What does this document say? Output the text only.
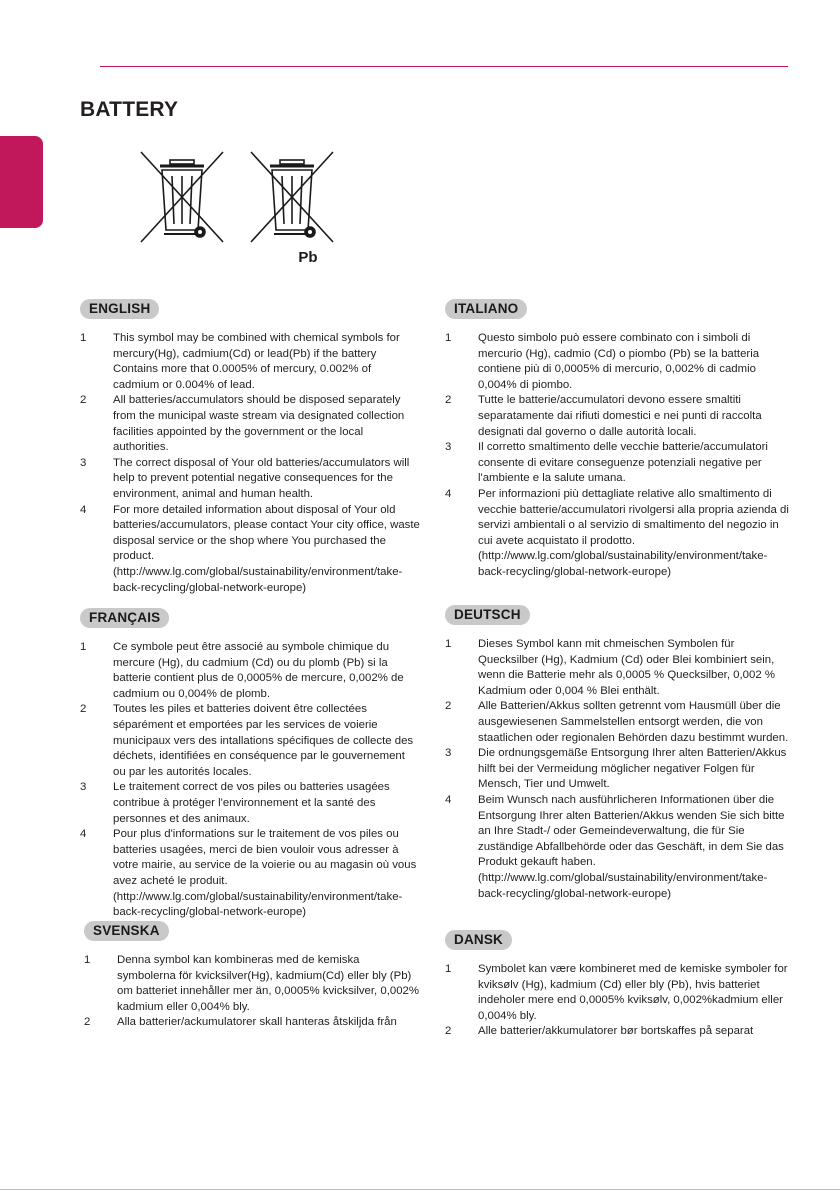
BATTERY
Pb
ENGLISH
1	This symbol may be combined with chemical symbols for mercury(Hg), cadmium(Cd) or lead(Pb) if the battery Contains more that 0.0005% of mercury, 0.002% of cadmium or 0.004% of lead.
2	All batteries/accumulators should be disposed separately from the municipal waste stream via designated collection facilities appointed by the government or the local authorities.
3	The correct disposal of Your old batteries/accumulators will help to prevent potential negative consequences for the environment, animal and human health.
4	For more detailed information about disposal of Your old batteries/accumulators, please contact Your city office, waste disposal service or the shop where You purchased the product. (http://www.lg.com/global/sustainability/environment/take-back-recycling/global-network-europe)
ITALIANO
1	Questo simbolo può essere combinato con i simboli di mercurio (Hg), cadmio (Cd) o piombo (Pb) se la batteria contiene più di 0,0005% di mercurio, 0,002% di cadmio 0,004% di piombo.
2	Tutte le batterie/accumulatori devono essere smaltiti separatamente dai rifiuti domestici e nei punti di raccolta designati dal governo o dalle autorità locali.
3	Il corretto smaltimento delle vecchie batterie/accumulatori consente di evitare conseguenze potenziali negative per l'ambiente e la salute umana.
4	Per informazioni più dettagliate relative allo smaltimento di vecchie batterie/accumulatori rivolgersi alla propria azienda di servizi ambientali o al servizio di smaltimento del negozio in cui avete acquistato il prodotto. (http://www.lg.com/global/sustainability/environment/take-back-recycling/global-network-europe)
FRANÇAIS
1	Ce symbole peut être associé au symbole chimique du mercure (Hg), du cadmium (Cd) ou du plomb (Pb) si la batterie contient plus de 0,0005% de mercure, 0,002% de cadmium ou 0,004% de plomb.
2	Toutes les piles et batteries doivent être collectées séparément et emportées par les services de voierie municipaux vers des intallations spécifiques de collecte des déchets, identifiées en conséquence par le gouvernement ou par les autorités locales.
3	Le traitement correct de vos piles ou batteries usagées contribue à protéger l'environnement et la santé des personnes et des animaux.
4	Pour plus d'informations sur le traitement de vos piles ou batteries usagées, merci de bien vouloir vous adresser à votre mairie, au service de la voierie ou au magasin où vous avez acheté le produit. (http://www.lg.com/global/sustainability/environment/take-back-recycling/global-network-europe)
DEUTSCH
1	Dieses Symbol kann mit chmeischen Symbolen für Quecksilber (Hg), Kadmium (Cd) oder Blei kombiniert sein, wenn die Batterie mehr als 0,0005 % Quecksilber, 0,002 % Kadmium oder 0,004 % Blei enthält.
2	Alle Batterien/Akkus sollten getrennt vom Hausmüll über die ausgewiesenen Sammelstellen entsorgt werden, die von staatlichen oder regionalen Behörden dazu bestimmt wurden.
3	Die ordnungsgemäße Entsorgung Ihrer alten Batterien/Akkus hilft bei der Vermeidung möglicher negativer Folgen für Mensch, Tier und Umwelt.
4	Beim Wunsch nach ausführlicheren Informationen über die Entsorgung Ihrer alten Batterien/Akkus wenden Sie sich bitte an Ihre Stadt-/ oder Gemeindeverwaltung, die für Sie zuständige Abfallbehörde oder das Geschäft, in dem Sie das Produkt gekauft haben. (http://www.lg.com/global/sustainability/environment/take-back-recycling/global-network-europe)
SVENSKA
1	Denna symbol kan kombineras med de kemiska symbolerna för kvicksilver(Hg), kadmium(Cd) eller bly (Pb) om batteriet innehåller mer än, 0,0005% kvicksilver, 0,002% kadmium eller 0,004% bly.
2	Alla batterier/ackumulatorer skall hanteras åtskiljda från
DANSK
1	Symbolet kan være kombineret med de kemiske symboler for kviksølv (Hg), kadmium (Cd) eller bly (Pb), hvis batteriet indeholer mere end 0,0005% kviksølv, 0,002%kadmium eller 0,004% bly.
2	Alle batterier/akkumulatorer bør bortskaffes på separat
